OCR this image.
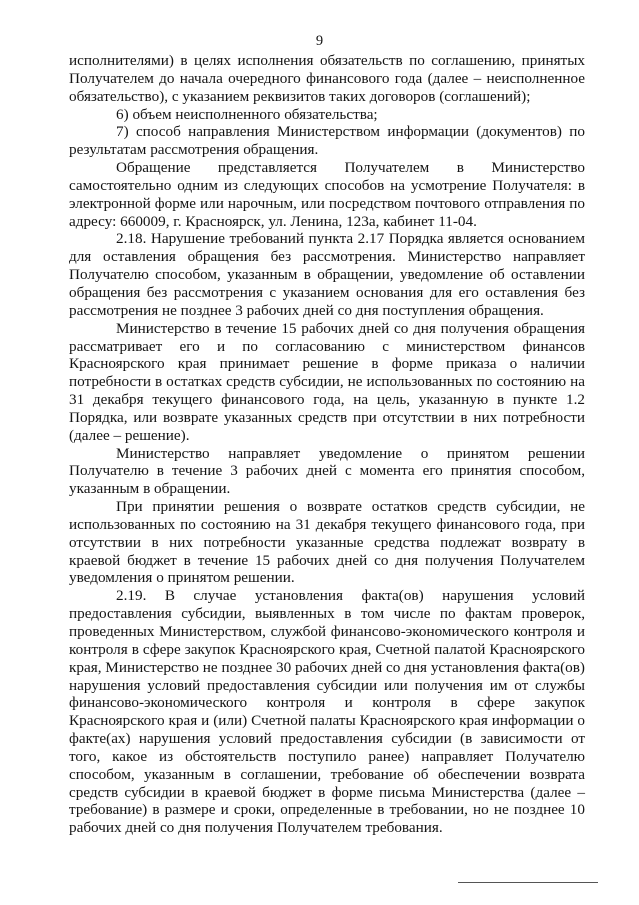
9

исполнителями) в целях исполнения обязательств по соглашению, принятых Получателем до начала очередного финансового года (далее – неисполненное обязательство), с указанием реквизитов таких договоров (соглашений);

6) объем неисполненного обязательства;

7) способ направления Министерством информации (документов) по результатам рассмотрения обращения.

Обращение представляется Получателем в Министерство самостоятельно одним из следующих способов на усмотрение Получателя: в электронной форме или нарочным, или посредством почтового отправления по адресу: 660009, г. Красноярск, ул. Ленина, 123а, кабинет 11-04.

2.18. Нарушение требований пункта 2.17 Порядка является основанием для оставления обращения без рассмотрения. Министерство направляет Получателю способом, указанным в обращении, уведомление об оставлении обращения без рассмотрения с указанием основания для его оставления без рассмотрения не позднее 3 рабочих дней со дня поступления обращения.

Министерство в течение 15 рабочих дней со дня получения обращения рассматривает его и по согласованию с министерством финансов Красноярского края принимает решение в форме приказа о наличии потребности в остатках средств субсидии, не использованных по состоянию на 31 декабря текущего финансового года, на цель, указанную в пункте 1.2 Порядка, или возврате указанных средств при отсутствии в них потребности (далее – решение).

Министерство направляет уведомление о принятом решении Получателю в течение 3 рабочих дней с момента его принятия способом, указанным в обращении.

При принятии решения о возврате остатков средств субсидии, не использованных по состоянию на 31 декабря текущего финансового года, при отсутствии в них потребности указанные средства подлежат возврату в краевой бюджет в течение 15 рабочих дней со дня получения Получателем уведомления о принятом решении.

2.19. В случае установления факта(ов) нарушения условий предоставления субсидии, выявленных в том числе по фактам проверок, проведенных Министерством, службой финансово-экономического контроля и контроля в сфере закупок Красноярского края, Счетной палатой Красноярского края, Министерство не позднее 30 рабочих дней со дня установления факта(ов) нарушения условий предоставления субсидии или получения им от службы финансово-экономического контроля и контроля в сфере закупок Красноярского края и (или) Счетной палаты Красноярского края информации о факте(ах) нарушения условий предоставления субсидии (в зависимости от того, какое из обстоятельств поступило ранее) направляет Получателю способом, указанным в соглашении, требование об обеспечении возврата средств субсидии в краевой бюджет в форме письма Министерства (далее – требование) в размере и сроки, определенные в требовании, но не позднее 10 рабочих дней со дня получения Получателем требования.
